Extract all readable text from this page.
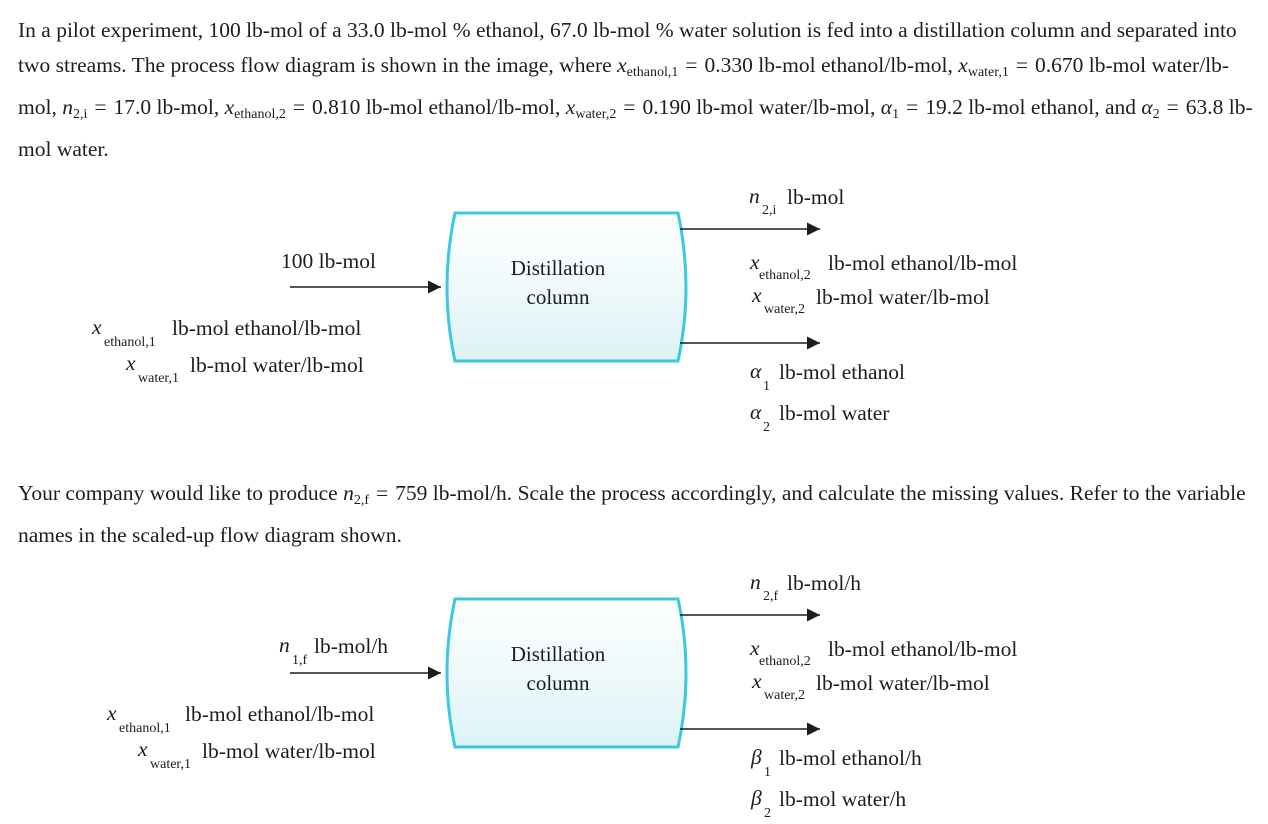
In a pilot experiment, 100 lb-mol of a 33.0 lb-mol % ethanol, 67.0 lb-mol % water solution is fed into a distillation column and separated into two streams. The process flow diagram is shown in the image, where $x_{ethanol,1} = 0.330$ lb-mol ethanol/lb-mol, $x_{water,1} = 0.670$ lb-mol water/lb-mol, $n_{2,i} = 17.0$ lb-mol, $x_{ethanol,2} = 0.810$ lb-mol ethanol/lb-mol, $x_{water,2} = 0.190$ lb-mol water/lb-mol, $\alpha_1 = 19.2$ lb-mol ethanol, and $\alpha_2 = 63.8$ lb-mol water.

Distillation
column
100 lb-mol
x
ethanol,1
lb-mol ethanol/lb-mol
x
water,1
lb-mol water/lb-mol
n
2,i
lb-mol
x
ethanol,2
lb-mol ethanol/lb-mol
x
water,2
lb-mol water/lb-mol
α
1
lb-mol ethanol
α
2
lb-mol water

Your company would like to produce $n_{2,f} = 759$ lb-mol/h. Scale the process accordingly, and calculate the missing values. Refer to the variable names in the scaled-up flow diagram shown.

Distillation
column
n
1,f
lb-mol/h
x
ethanol,1
lb-mol ethanol/lb-mol
x
water,1
lb-mol water/lb-mol
n
2,f
lb-mol/h
x
ethanol,2
lb-mol ethanol/lb-mol
x
water,2
lb-mol water/lb-mol
β
1
lb-mol ethanol/h
β
2
lb-mol water/h
